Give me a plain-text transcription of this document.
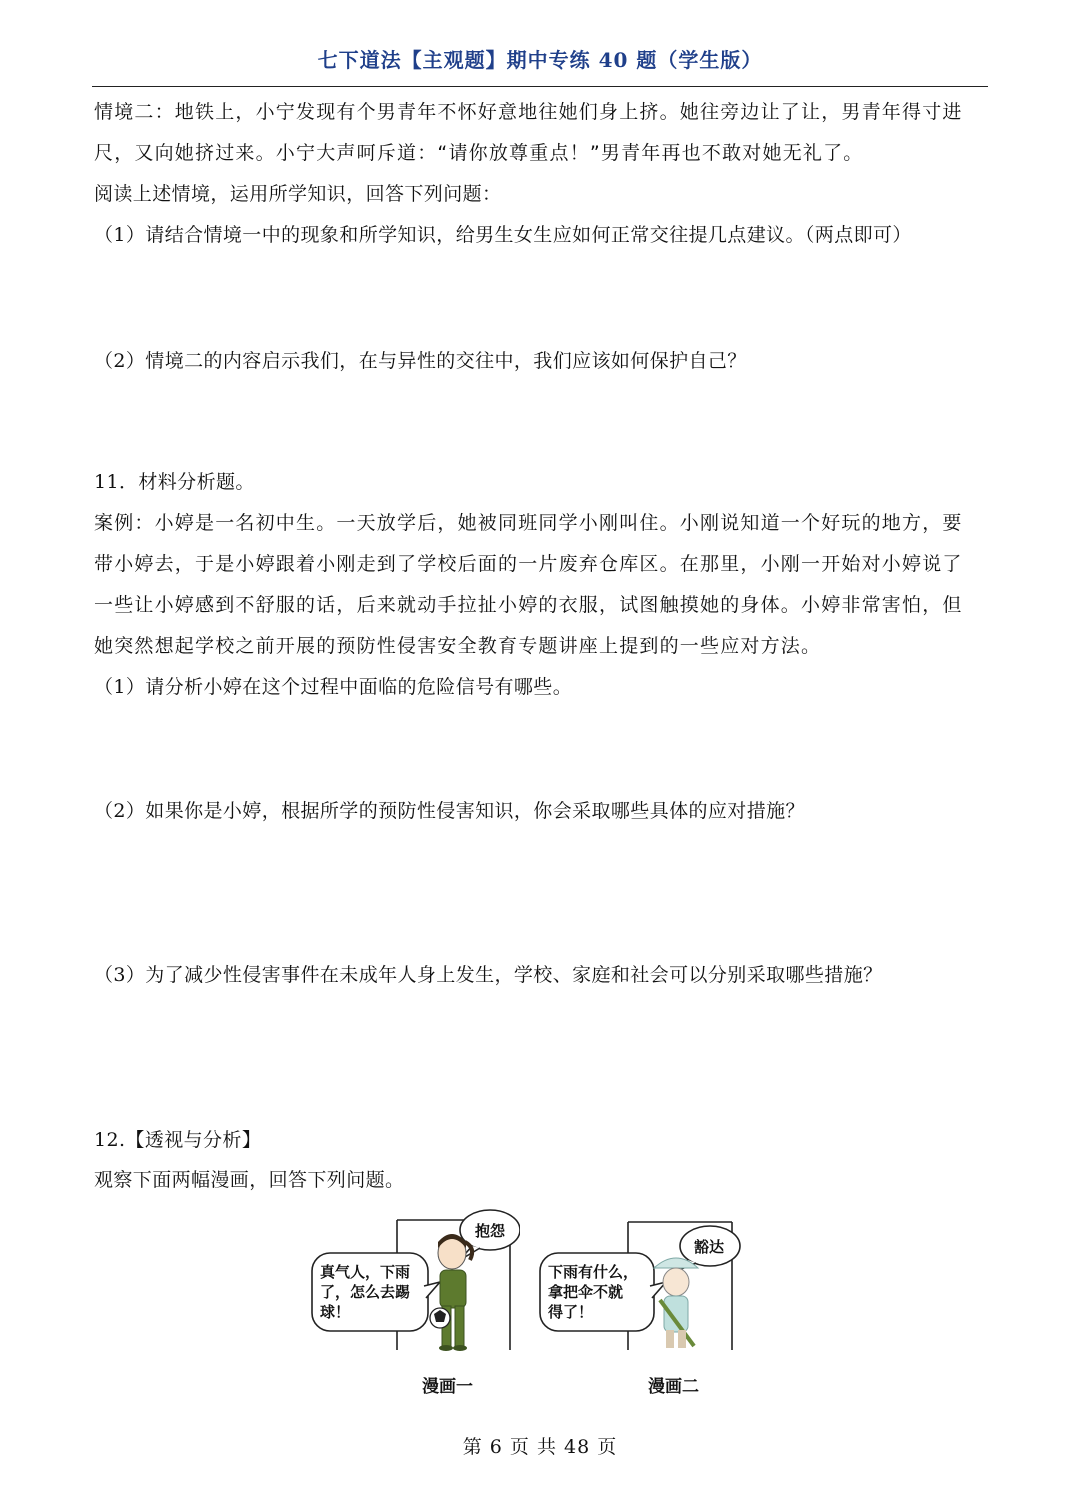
七下道法【主观题】期中专练 40 题（学生版）
情境二：地铁上，小宁发现有个男青年不怀好意地往她们身上挤。她往旁边让了让，男青年得寸进
尺，又向她挤过来。小宁大声呵斥道：“请你放尊重点！”男青年再也不敢对她无礼了。
阅读上述情境，运用所学知识，回答下列问题：
（1）请结合情境一中的现象和所学知识，给男生女生应如何正常交往提几点建议。（两点即可）
（2）情境二的内容启示我们，在与异性的交往中，我们应该如何保护自己？
11．材料分析题。
案例：小婷是一名初中生。一天放学后，她被同班同学小刚叫住。小刚说知道一个好玩的地方，要
带小婷去，于是小婷跟着小刚走到了学校后面的一片废弃仓库区。在那里，小刚一开始对小婷说了
一些让小婷感到不舒服的话，后来就动手拉扯小婷的衣服，试图触摸她的身体。小婷非常害怕，但
她突然想起学校之前开展的预防性侵害安全教育专题讲座上提到的一些应对方法。
（1）请分析小婷在这个过程中面临的危险信号有哪些。
（2）如果你是小婷，根据所学的预防性侵害知识，你会采取哪些具体的应对措施？
（3）为了减少性侵害事件在未成年人身上发生，学校、家庭和社会可以分别采取哪些措施？
12.【透视与分析】
观察下面两幅漫画，回答下列问题。
抱怨
真气人，下雨
了，怎么去踢
球！
漫画一
豁达
下雨有什么，
拿把伞不就
得了！
漫画二
第 6 页 共 48 页
